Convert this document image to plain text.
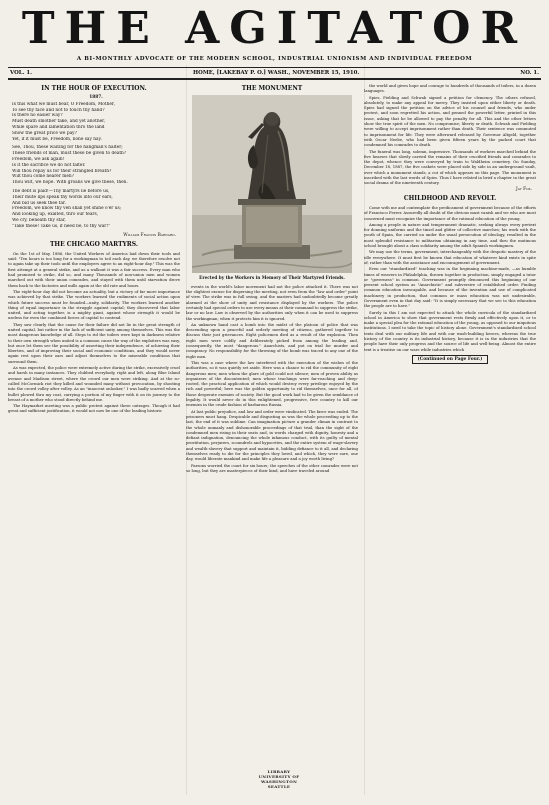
THE AGITATOR
A BI-MONTHLY ADVOCATE OF THE MODERN SCHOOL, INDUSTRIAL UNIONISM AND INDIVIDUAL FREEDOM
VOL. 1.	HOME, [LAKEBAY P. O.] WASH., NOVEMBER 15, 1910.	NO. 1.
IN THE HOUR OF EXECUTION.
1887.
Is this what we must bear, O Freedom, Mother,
To see thy face and not to touch thy hand?
Is there no easier way?
Must death smother take, and yet another,
While spare and lamentation thro the land
Show the great price we pay?
Yet, if it must be, Freedom, none say nay.
See, Thou, these waiting for the hangman's halter;
These friends of man, must these be given to death?
Freedom, we ask again!
Is it the sacrifice we do not falter.
Will thou repay us for their strangled breath?
Wilt thou come nearer men?
Thou wilt, we hope. With groans we give these, then.
The debt is paid!—Thy martyrs lie before us,
Their mute lips speak thy words into our ears,
And bid us seek thee far.
Freedom, we know thy ven shall yet shine o'er us;
And looking up, exalted, thro our tears,
We cry, beneath thy star,
"Take these! Take us, if need be, to thy war!"
William Francis Barnard.
THE CHICAGO MARTYRS.

On the 1st of May, 1886, the United Workers of America laid down their tools and said: "Ten hours is too long for a workingman to toil each day, we therefore resolve not to again take up their tools until the employers agree to an eight-hour day." This was the first attempt at a general strike, and as a walkout it was a fair success. Every man who had promised to strike, did so, and many Thousands of non-union men and women marched out with their union comrades, and stayed with them until starvation drove them back to the factories and mills again at the old rate and hours.

The eight-hour day did not become an actuality, but a victory of far more importance was achieved by that strike. The workers learned the rudiments of social action upon which future success must be founded—unity, solidarity. The workers learned another thing of equal importance in the struggle against capital; they discovered that labor united, and acting together, is a mighty giant, against whose strength it would be useless for even the combined forces of capital to contend.

They saw clearly that the cause for their failure did not lie in the great strength of united capital, but rather in the lack of sufficient unity among themselves. This was the most dangerous knowledge of all. Steps to rid the toilers were kept in darkness relative to their own strength when united is a common cause the way of the exploiters was easy, but once let them see the possibility of asserting their independence, of achieving their liberties, and of improving their social and economic conditions, and they would never again rest upon their oars and adjust themselves to the miserable conditions that surround them.

As was expected, the police were extremely active during the strike, excessively cruel and harsh in many instances. They clubbed everybody, right and left, along Blue Island avenue and Madison street, where the crowd our men were striking. And at the so-called McCormick riot they killed and wounded many without provocation, by shooting into the crowd volley after volley. As an "innocent onlooker," I was badly scarred when a bullet plowed thru my coat, carrying a portion of my finger with it on its journey to the breast of a mother who stood directly behind me.

The Haymarket meeting was a public protest against these outrages. Though it had great and sufficient justification, it would not now be one of the leading historic

THE MONUMENT
Erected by the Workers in Memory of Their Martyred Friends.

events in the world's labor movement had not the police attacked it. There was not the slightest excuse for dispersing the meeting, not even from the "law and order" point of view. The strike was in full swing, and the masters had undoubtedly become greatly alarmed at the show of unity and resistance displayed by the workers. The police certainly had special orders to use every means at their command to suppress the strike, law or no law. Law is observed by the authorities only when it can be used to suppress the workingman; when it protects him it is ignored.

An unknown hand cast a bomb into the midst of the platoon of police that was descending upon a peaceful and orderly meeting of citizens, gathered together to discuss their just grievances. Eight policemen died as a result of the explosion. Then eight men were coldly and deliberately picked from among the leading and, consequently, the most "dangerous." Anarchists, and put on trial for murder and conspiracy. No responsibility for the throwing of the bomb was traced to any one of the eight men.

This was a case where the law interfered with the execution of the wishes of the authorities, so it was quietly set aside. Here was a chance to rid the community of eight dangerous men; men whom the glare of gold could not silence; men of proven ability as organizers of the discontented; men whose teachings were far-reaching and deep-rooted, the practical application of which would destroy every privilege enjoyed by the rich and powerful; here was the golden opportunity to rid themselves, once for all, of those desperate enemies of society. But the good work had to be given the semblance of legality. It would never do in this enlightened, progressive, free country to kill our enemies in the crude fashion of barbarous Russia.

At last public prejudice, and law and order were vindicated. The farce was ended. The prisoners must hang. Despicable and disgusting as was the whole proceeding up to the last, the end of it was sublime. Can imagination picture a grander climax in contrast to the whole unmanly and dishonorable proceedings of that trial, than the sight of the condemned men rising in their seats and, in words charged with dignity, honesty and a defiant indignation, denouncing the whole infamous conduct, with its guilty of mental prostitution, perjurers, scoundrels and hypocrites, and the entire system of wage-slavery and wealth-slavery that support and maintain it, bidding defiance to it all, and declaring themselves ready to die for the principles they loved, and which, they were sure, one day, would liberate mankind and make life a pleasure and a joy worth living?

Parsons worried the court for six hours; the speeches of the other comrades were not so long, but they are masterpieces of their kind, and have traveled around

the world and given hope and courage to hundreds of thousands of toilers, in a dozen languages.

Spies, Fielding and Schwab signed a petition for clemency. The others refused, absolutely, to make any appeal for mercy. They insisted upon either liberty or death. Spies had signed the petition on the advice of his counsel and friends, who under protest, and soon regretted his action, and penned the powerful letter, printed in this issue, asking that he be allowed to pay the penalty for all. This and the other letters show the true spirit of the men. No compromise; liberty or death. Schwab and Fielding were willing to accept imprisonment rather than death. Their sentence was commuted to imprisonment for life. They were afterward released by Governor Altgeld, together with Oscar Neebe, who had been given fifteen years by the packed court that condemned his comrades to death.

The funeral was long, solemn, impressive. Thousands of workers marched behind the five hearses that slowly carried the remains of their crucified friends and comrades to the depot, whence they were conveyed by train to Waldheim cemetery. On Sunday, December 18, 1887, the five caskets were placed side by side in an underground vault, over which a monument stands, a cut of which appears on this page. The monument is inscribed with the last words of Spies. Thus I have related in brief a chapter in the great social drama of the nineteenth century.

Jay Fox.
CHILDHOOD AND REVOLT.

Come with me and contemplate the predicament of government because of the efforts of Francisco Ferrer. Assuredly all doubt of the obvious must vanish and we who are most concerned must recognize the importance of the rational education of the young.

Among a people in nature and temperament dramatic, seeking always every pretext for donning uniforms and the tinsel and glitter of collective marches; his work with the youth of Spain, the carried on under the usual persecution of ideology, resulted in the most splendid resistance to militarism obtaining in any time, and thru the mutinous school brought about a class solidarity among the adult Spanish workingmen.

We may use the terms, government, interchangeably with the despotic mastery of the idle everywhere. It must first be known that education of whatever kind exists in spite of, rather than with the assistance and encouragement of government.

Even our "standardized" teaching was in the beginning machine-made, —as humble times of weavers in Philadelphia, thrown together in production, simply engaged a tutor or "governess" in common. Government promptly denounced this beginning of our present school system as "Anarchistic" and subversive of established order. Finding common education inescapable, and because of the invention and use of complicated machinery in production, that common or mass education was not undesirable, Government even in that day said: "It is simply necessary that we see to this education the people are to have."

Surely in this I am not expected to attack the whole curricula of the standardized school in America to show that government rests firmly and effectively upon it, or to make a special plea for the rational education of the young, as opposed to our iniquitous institutions. I need to take the topic of history alone. Government's standardized school texts deal with our military life and with our wash-building heroes, whereas the true history of the country is its industrial history, because it is in the industries that the people have their only progress and the source of life and well-being. Almost the entire text is a treatise on our wars while industries which

(Continued on Page Four.)
LIBRARY
UNIVERSITY OF WASHINGTON
SEATTLE
